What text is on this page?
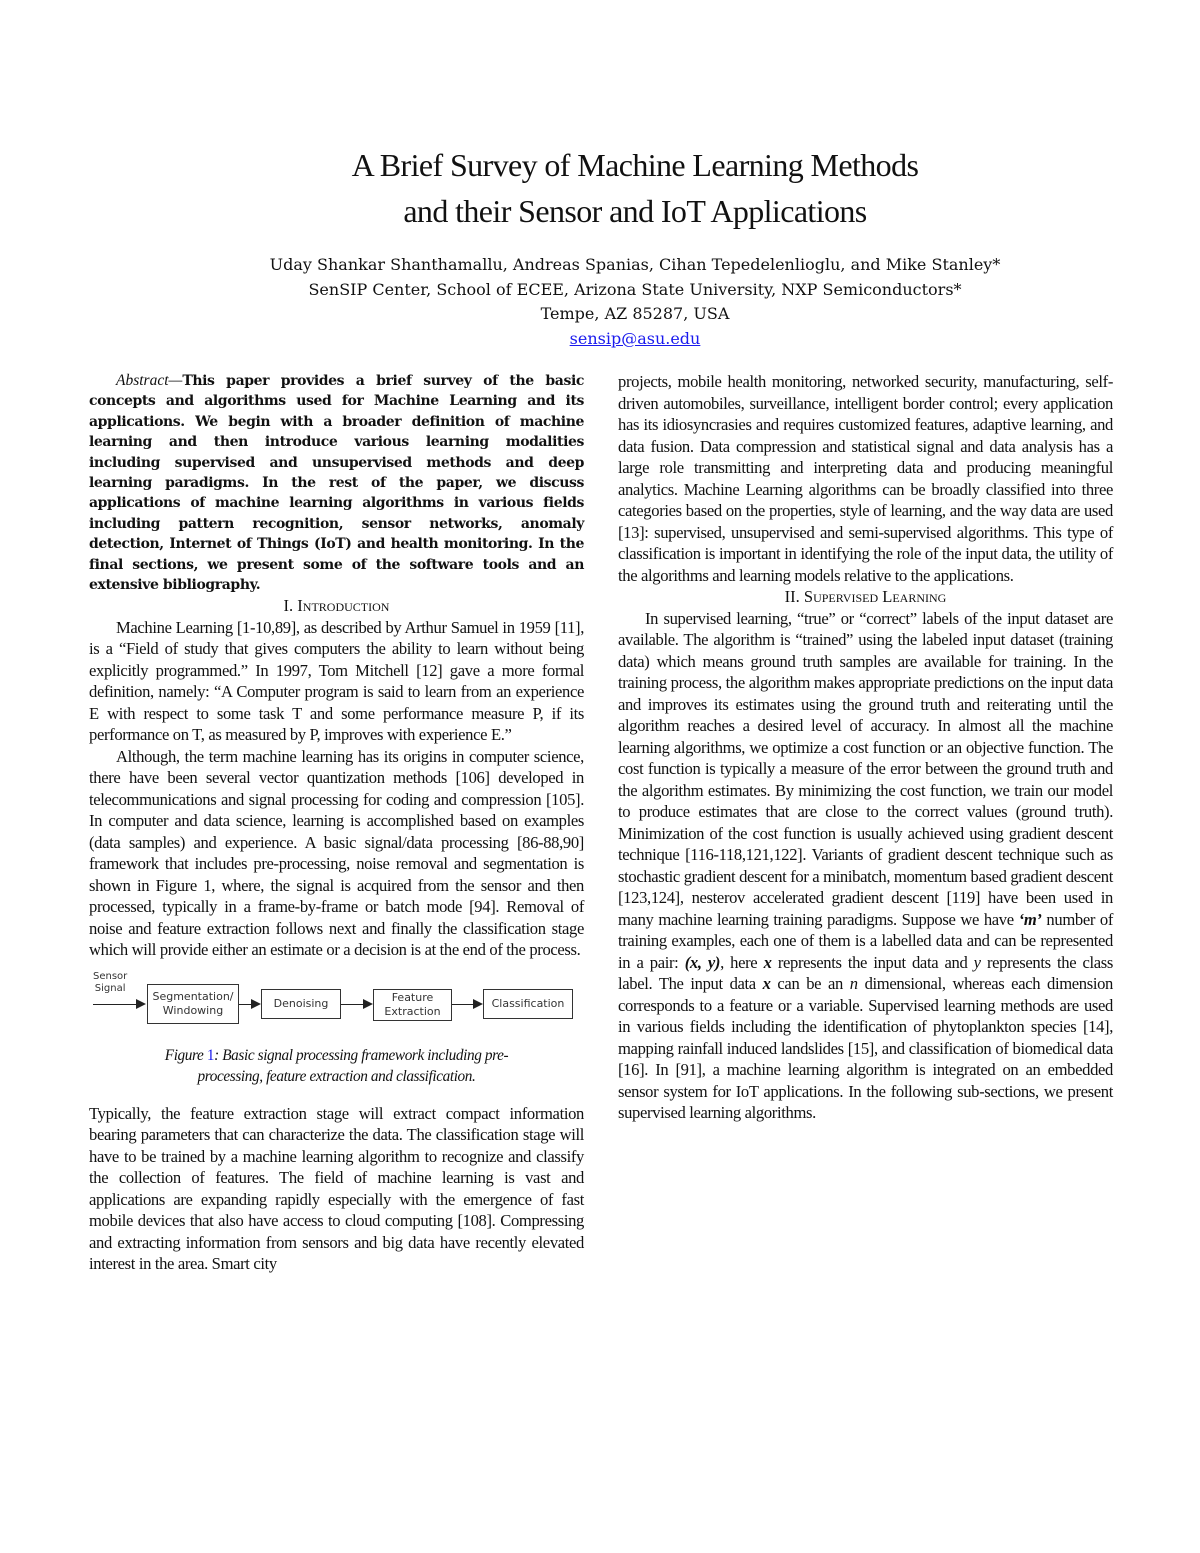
A Brief Survey of Machine Learning Methods
and their Sensor and IoT Applications
Uday Shankar Shanthamallu, Andreas Spanias, Cihan Tepedelenlioglu, and Mike Stanley*
SenSIP Center, School of ECEE, Arizona State University, NXP Semiconductors*
Tempe, AZ 85287, USA
sensip@asu.edu

Abstract—This paper provides a brief survey of the basic concepts and algorithms used for Machine Learning and its applications. We begin with a broader definition of machine learning and then introduce various learning modalities including supervised and unsupervised methods and deep learning paradigms. In the rest of the paper, we discuss applications of machine learning algorithms in various fields including pattern recognition, sensor networks, anomaly detection, Internet of Things (IoT) and health monitoring. In the final sections, we present some of the software tools and an extensive bibliography.

I. Introduction

Machine Learning [1-10,89], as described by Arthur Samuel in 1959 [11], is a “Field of study that gives computers the ability to learn without being explicitly programmed.” In 1997, Tom Mitchell [12] gave a more formal definition, namely: “A Computer program is said to learn from an experience E with respect to some task T and some performance measure P, if its performance on T, as measured by P, improves with experience E.”

Although, the term machine learning has its origins in computer science, there have been several vector quantization methods [106] developed in telecommunications and signal processing for coding and compression [105]. In computer and data science, learning is accomplished based on examples (data samples) and experience. A basic signal/data processing [86-88,90] framework that includes pre-processing, noise removal and segmentation is shown in Figure 1, where, the signal is acquired from the sensor and then processed, typically in a frame-by-frame or batch mode [94]. Removal of noise and feature extraction follows next and finally the classification stage which will provide either an estimate or a decision is at the end of the process.

Sensor
Signal
Segmentation/
Windowing
Denoising	Feature
Extraction
Classification

Figure 1: Basic signal processing framework including pre-
processing, feature extraction and classification.

Typically, the feature extraction stage will extract compact information bearing parameters that can characterize the data. The classification stage will have to be trained by a machine learning algorithm to recognize and classify the collection of features. The field of machine learning is vast and applications are expanding rapidly especially with the emergence of fast mobile devices that also have access to cloud computing [108]. Compressing and extracting information from sensors and big data have recently elevated interest in the area. Smart city

projects, mobile health monitoring, networked security, manufacturing, self-driven automobiles, surveillance, intelligent border control; every application has its idiosyncrasies and requires customized features, adaptive learning, and data fusion. Data compression and statistical signal and data analysis has a large role transmitting and interpreting data and producing meaningful analytics. Machine Learning algorithms can be broadly classified into three categories based on the properties, style of learning, and the way data are used [13]: supervised, unsupervised and semi-supervised algorithms. This type of classification is important in identifying the role of the input data, the utility of the algorithms and learning models relative to the applications.

II. Supervised Learning

In supervised learning, “true” or “correct” labels of the input dataset are available. The algorithm is “trained” using the labeled input dataset (training data) which means ground truth samples are available for training. In the training process, the algorithm makes appropriate predictions on the input data and improves its estimates using the ground truth and reiterating until the algorithm reaches a desired level of accuracy. In almost all the machine learning algorithms, we optimize a cost function or an objective function. The cost function is typically a measure of the error between the ground truth and the algorithm estimates. By minimizing the cost function, we train our model to produce estimates that are close to the correct values (ground truth). Minimization of the cost function is usually achieved using gradient descent technique [116-118,121,122]. Variants of gradient descent technique such as stochastic gradient descent for a minibatch, momentum based gradient descent [123,124], nesterov accelerated gradient descent [119] have been used in many machine learning training paradigms. Suppose we have ‘m’ number of training examples, each one of them is a labelled data and can be represented in a pair: (x, y), here x represents the input data and y represents the class label. The input data x can be an n dimensional, whereas each dimension corresponds to a feature or a variable. Supervised learning methods are used in various fields including the identification of phytoplankton species [14], mapping rainfall induced landslides [15], and classification of biomedical data [16]. In [91], a machine learning algorithm is integrated on an embedded sensor system for IoT applications. In the following sub-sections, we present supervised learning algorithms.
